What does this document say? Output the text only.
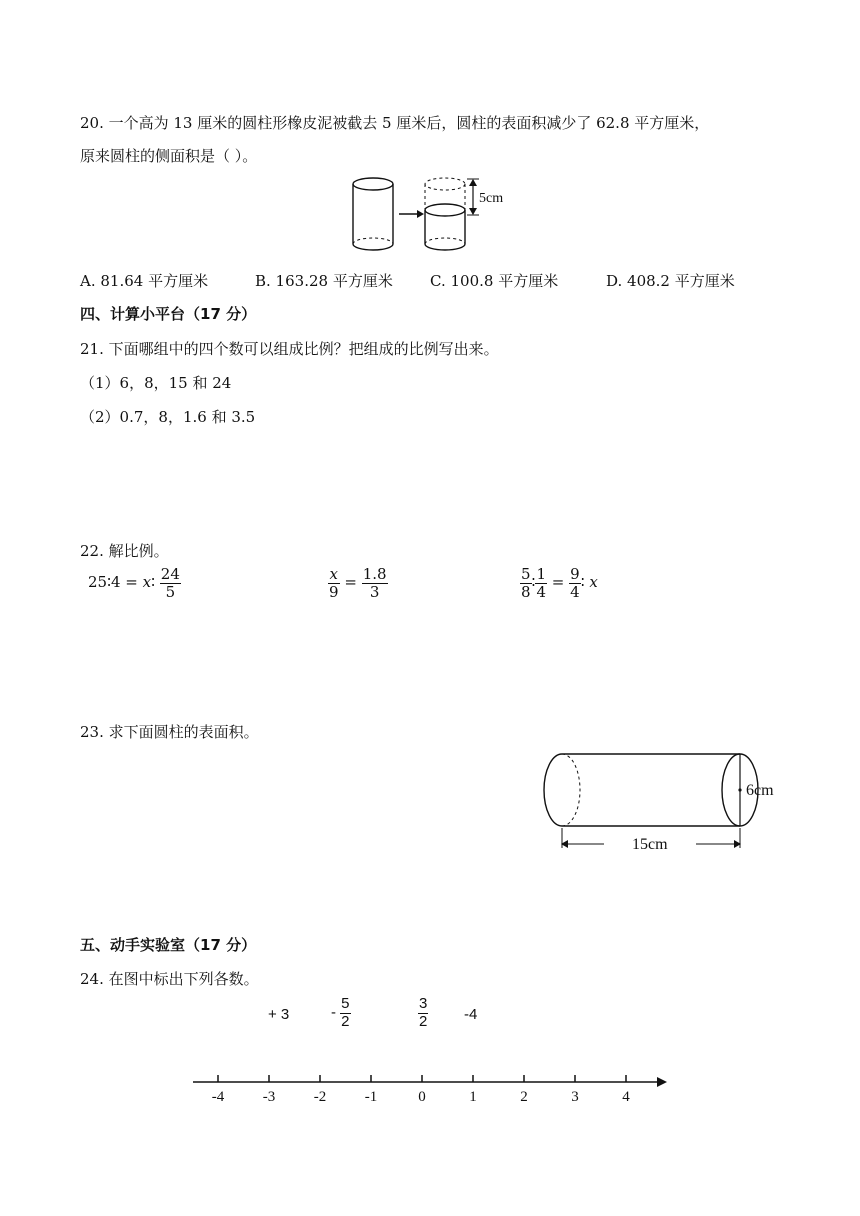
20. 一个高为 13 厘米的圆柱形橡皮泥被截去 5 厘米后，圆柱的表面积减少了 62.8 平方厘米，
原来圆柱的侧面积是（ ）。
5cm
A. 81.64 平方厘米	B. 163.28 平方厘米 C. 100.8 平方厘米	D. 408.2 平方厘米
四、计算小平台（17 分）
21. 下面哪组中的四个数可以组成比例？把组成的比例写出来。
（1）6，8，15 和 24
（2）0.7，8，1.6 和 3.5
22. 解比例。
25∶4 = x∶ $\frac{24}{5}$	$\frac{x}{9} = \frac{1.8}{3}$	$\frac{5}{8}$ ∶ $\frac{1}{4} = \frac{9}{4}$ ∶ x
23. 求下面圆柱的表面积。
6cm
15cm
五、动手实验室（17 分）
24. 在图中标出下列各数。
+ 3	- $\frac{5}{2}$	$\frac{3}{2} -4$
-4	-3	-2	-1	0	1	2	3	4
